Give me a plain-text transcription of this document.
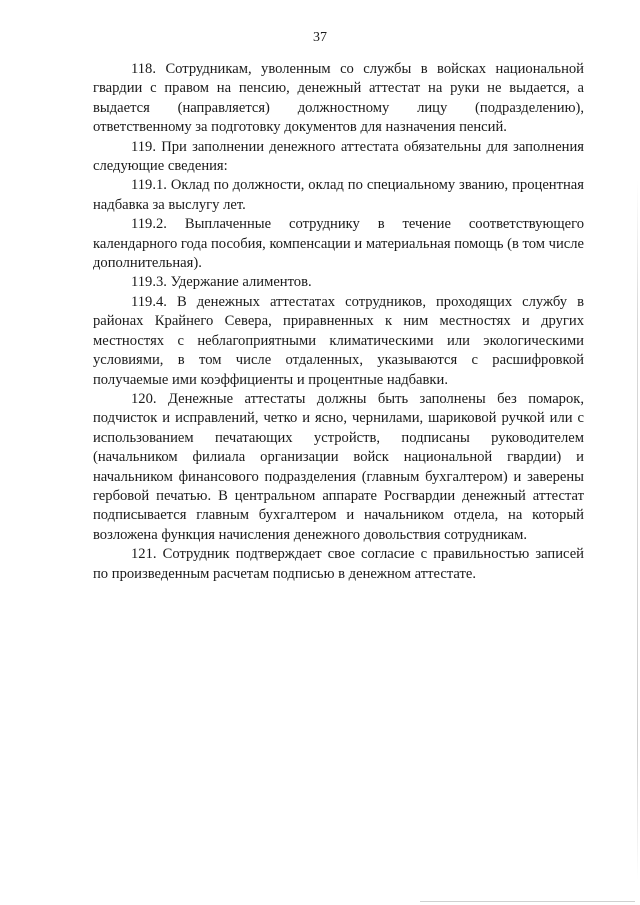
37

118. Сотрудникам, уволенным со службы в войсках национальной гвардии с правом на пенсию, денежный аттестат на руки не выдается, а выдается (направляется) должностному лицу (подразделению), ответственному за подготовку документов для назначения пенсий.

119. При заполнении денежного аттестата обязательны для заполнения следующие сведения:

119.1. Оклад по должности, оклад по специальному званию, процентная надбавка за выслугу лет.

119.2. Выплаченные сотруднику в течение соответствующего календарного года пособия, компенсации и материальная помощь (в том числе дополнительная).

119.3. Удержание алиментов.

119.4. В денежных аттестатах сотрудников, проходящих службу в районах Крайнего Севера, приравненных к ним местностях и других местностях с неблагоприятными климатическими или экологическими условиями, в том числе отдаленных, указываются с расшифровкой получаемые ими коэффициенты и процентные надбавки.

120. Денежные аттестаты должны быть заполнены без помарок, подчисток и исправлений, четко и ясно, чернилами, шариковой ручкой или с использованием печатающих устройств, подписаны руководителем (начальником филиала организации войск национальной гвардии) и начальником финансового подразделения (главным бухгалтером) и заверены гербовой печатью. В центральном аппарате Росгвардии денежный аттестат подписывается главным бухгалтером и начальником отдела, на который возложена функция начисления денежного довольствия сотрудникам.

121. Сотрудник подтверждает свое согласие с правильностью записей по произведенным расчетам подписью в денежном аттестате.
